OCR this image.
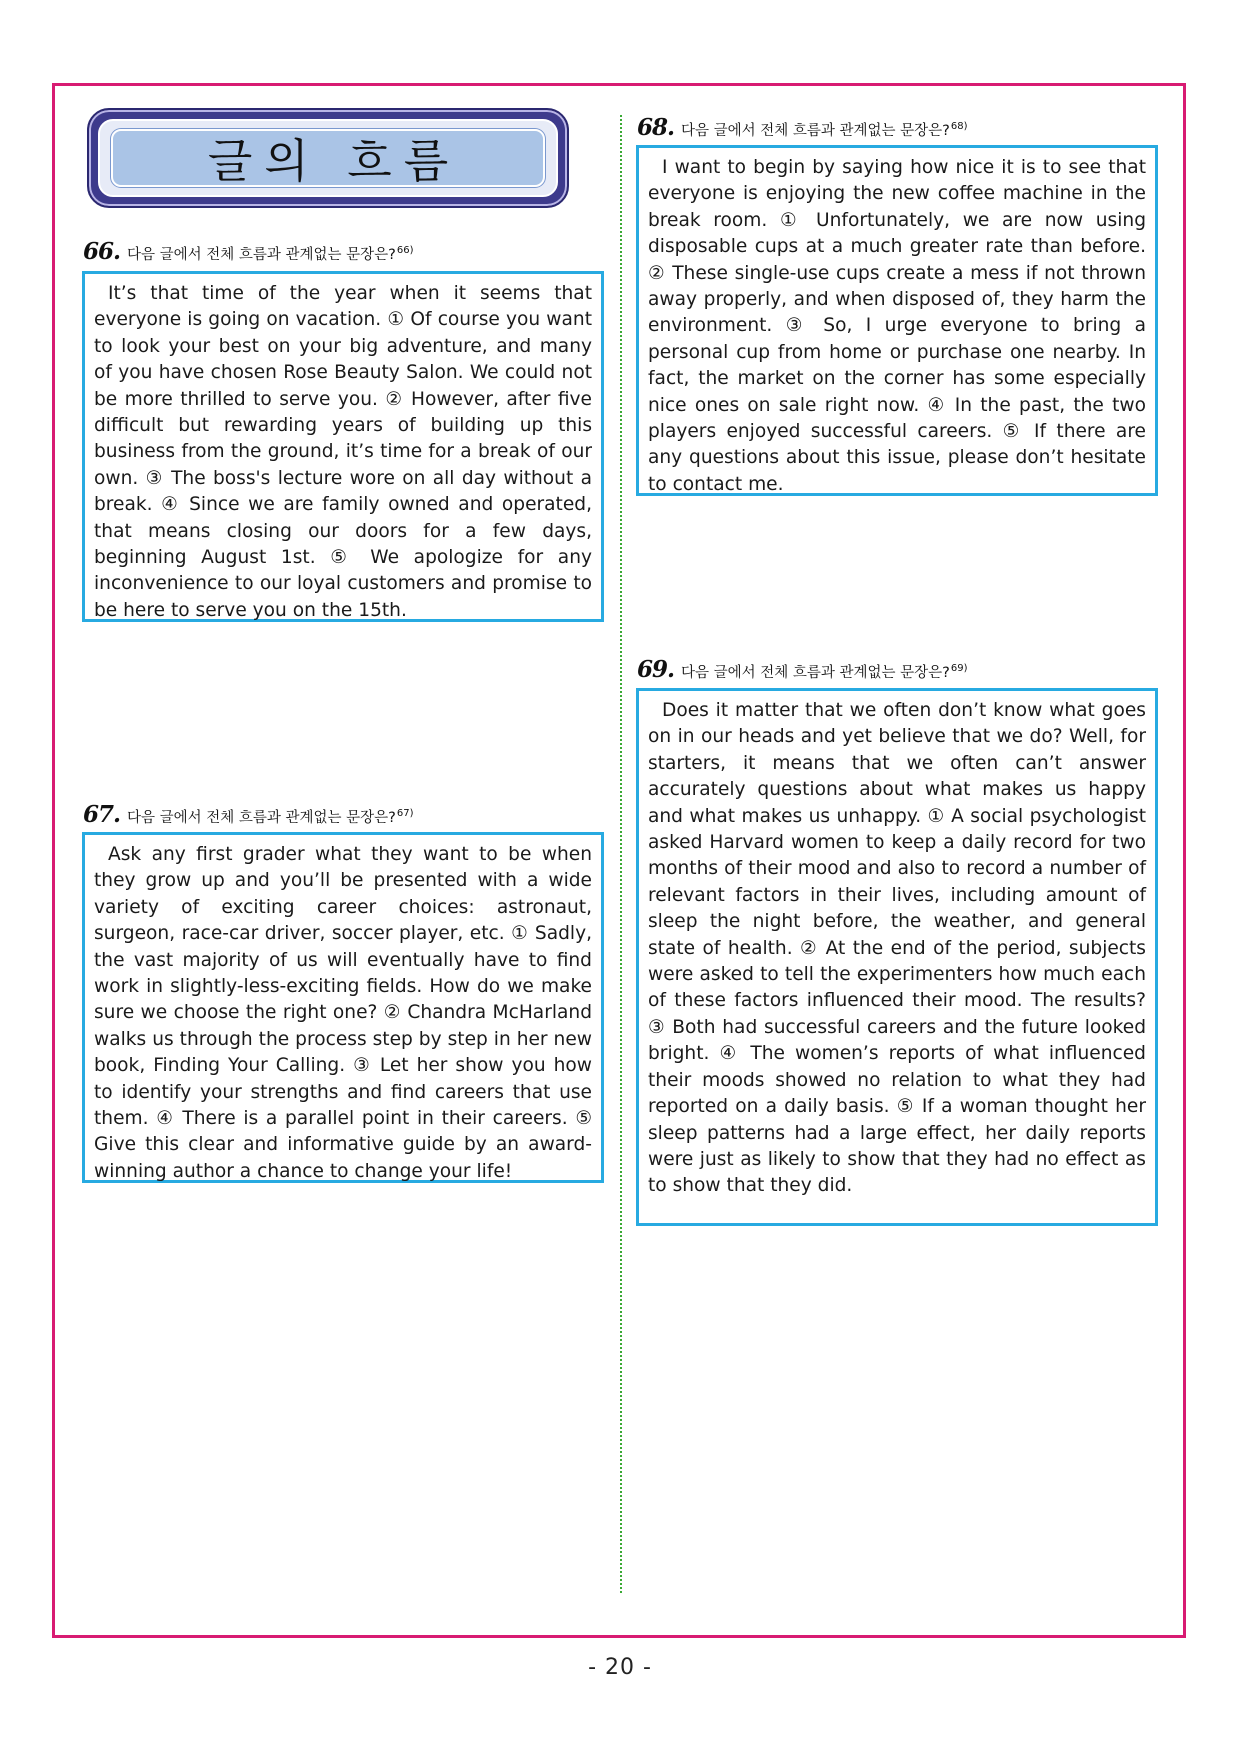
글의 흐름
66. 다음 글에서 전체 흐름과 관계없는 문장은?$^{66)}$

It’s that time of the year when it seems that everyone is going on vacation. ① Of course you want to look your best on your big adventure, and many of you have chosen Rose Beauty Salon. We could not be more thrilled to serve you. ② However, after five difficult but rewarding years of building up this business from the ground, it’s time for a break of our own. ③ The boss's lecture wore on all day without a break. ④ Since we are family owned and operated, that means closing our doors for a few days, beginning August 1st. ⑤ We apologize for any inconvenience to our loyal customers and promise to be here to serve you on the 15th.

67. 다음 글에서 전체 흐름과 관계없는 문장은?$^{67)}$

Ask any first grader what they want to be when they grow up and you’ll be presented with a wide variety of exciting career choices: astronaut, surgeon, race-car driver, soccer player, etc. ① Sadly, the vast majority of us will eventually have to find work in slightly-less-exciting fields. How do we make sure we choose the right one? ② Chandra McHarland walks us through the process step by step in her new book, Finding Your Calling. ③ Let her show you how to identify your strengths and find careers that use them. ④ There is a parallel point in their careers. ⑤ Give this clear and informative guide by an award-winning author a chance to change your life!

68. 다음 글에서 전체 흐름과 관계없는 문장은?$^{68)}$

I want to begin by saying how nice it is to see that everyone is enjoying the new coffee machine in the break room. ① Unfortunately, we are now using disposable cups at a much greater rate than before. ② These single-use cups create a mess if not thrown away properly, and when disposed of, they harm the environment. ③ So, I urge everyone to bring a personal cup from home or purchase one nearby. In fact, the market on the corner has some especially nice ones on sale right now. ④ In the past, the two players enjoyed successful careers. ⑤ If there are any questions about this issue, please don’t hesitate to contact me.

69. 다음 글에서 전체 흐름과 관계없는 문장은?$^{69)}$

Does it matter that we often don’t know what goes on in our heads and yet believe that we do? Well, for starters, it means that we often can’t answer accurately questions about what makes us happy and what makes us unhappy. ① A social psychologist asked Harvard women to keep a daily record for two months of their mood and also to record a number of relevant factors in their lives, including amount of sleep the night before, the weather, and general state of health. ② At the end of the period, subjects were asked to tell the experimenters how much each of these factors influenced their mood. The results? ③ Both had successful careers and the future looked bright. ④ The women’s reports of what influenced their moods showed no relation to what they had reported on a daily basis. ⑤ If a woman thought her sleep patterns had a large effect, her daily reports were just as likely to show that they had no effect as to show that they did.

- 20 -
